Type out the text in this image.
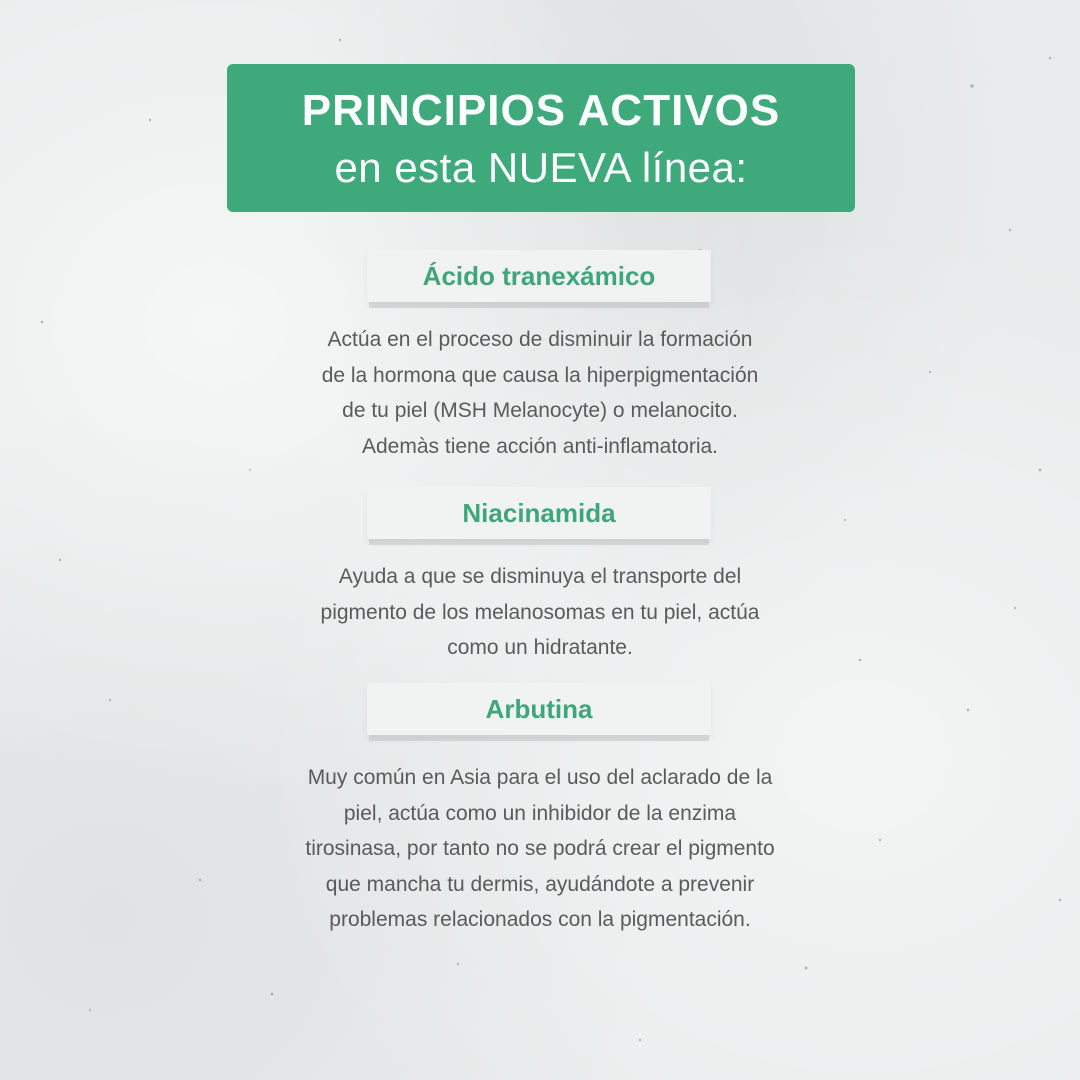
PRINCIPIOS ACTIVOS
en esta NUEVA línea:
Ácido tranexámico
Actúa en el proceso de disminuir la formación
de la hormona que causa la hiperpigmentación
de tu piel (MSH Melanocyte) o melanocito.
Ademàs tiene acción anti-inflamatoria.
Niacinamida
Ayuda a que se disminuya el transporte del
pigmento de los melanosomas en tu piel, actúa
como un hidratante.
Arbutina
Muy común en Asia para el uso del aclarado de la
piel, actúa como un inhibidor de la enzima
tirosinasa, por tanto no se podrá crear el pigmento
que mancha tu dermis, ayudándote a prevenir
problemas relacionados con la pigmentación.
